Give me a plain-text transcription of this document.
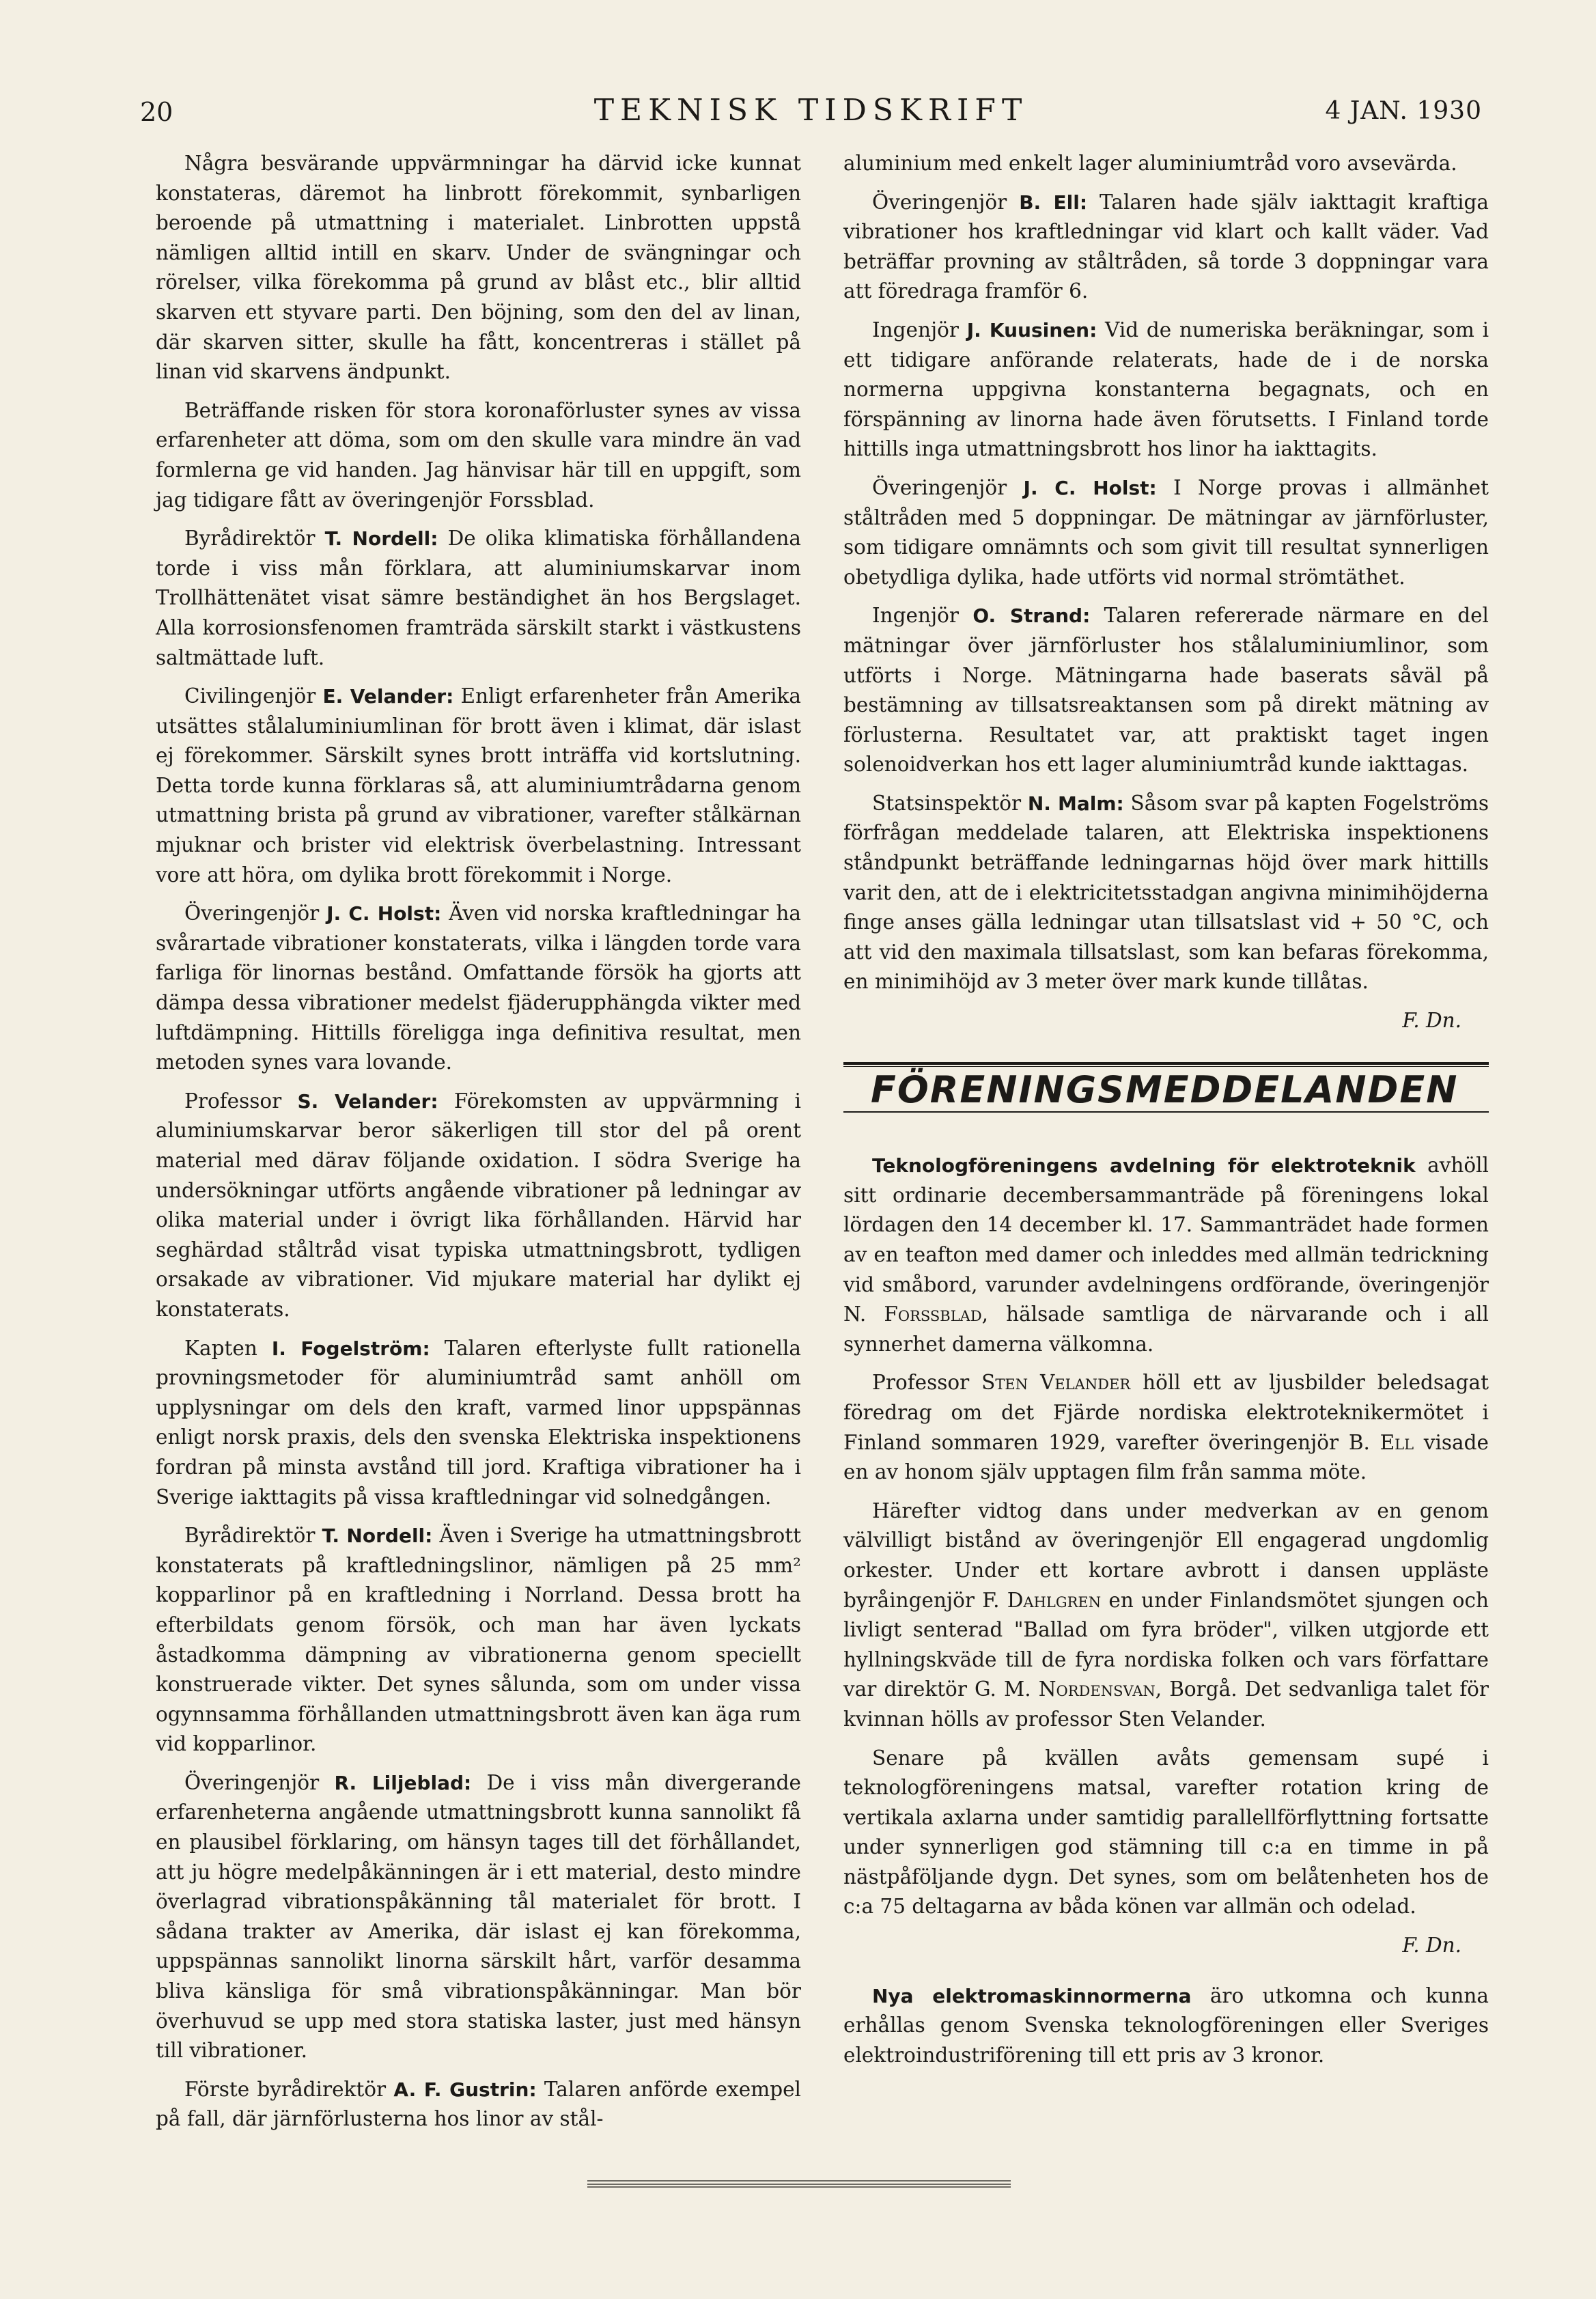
20	TEKNISK TIDSKRIFT	4 JAN. 1930

Några besvärande uppvärmningar ha därvid icke kunnat konstateras, däremot ha linbrott förekommit, synbarligen beroende på utmattning i materialet. Linbrotten uppstå nämligen alltid intill en skarv. Under de svängningar och rörelser, vilka förekomma på grund av blåst etc., blir alltid skarven ett styvare parti. Den böjning, som den del av linan, där skarven sitter, skulle ha fått, koncentreras i stället på linan vid skarvens ändpunkt.

Beträffande risken för stora koronaförluster synes av vissa erfarenheter att döma, som om den skulle vara mindre än vad formlerna ge vid handen. Jag hänvisar här till en uppgift, som jag tidigare fått av överingenjör Forssblad.

Byrådirektör T. Nordell: De olika klimatiska förhållandena torde i viss mån förklara, att aluminiumskarvar inom Trollhättenätet visat sämre beständighet än hos Bergslaget. Alla korrosionsfenomen framträda särskilt starkt i västkustens saltmättade luft.

Civilingenjör E. Velander: Enligt erfarenheter från Amerika utsättes stålaluminiumlinan för brott även i klimat, där islast ej förekommer. Särskilt synes brott inträffa vid kortslutning. Detta torde kunna förklaras så, att aluminiumtrådarna genom utmattning brista på grund av vibrationer, varefter stålkärnan mjuknar och brister vid elektrisk överbelastning. Intressant vore att höra, om dylika brott förekommit i Norge.

Överingenjör J. C. Holst: Även vid norska kraftledningar ha svårartade vibrationer konstaterats, vilka i längden torde vara farliga för linornas bestånd. Omfattande försök ha gjorts att dämpa dessa vibrationer medelst fjäderupphängda vikter med luftdämpning. Hittills föreligga inga definitiva resultat, men metoden synes vara lovande.

Professor S. Velander: Förekomsten av uppvärmning i aluminiumskarvar beror säkerligen till stor del på orent material med därav följande oxidation. I södra Sverige ha undersökningar utförts angående vibrationer på ledningar av olika material under i övrigt lika förhållanden. Härvid har seghärdad ståltråd visat typiska utmattningsbrott, tydligen orsakade av vibrationer. Vid mjukare material har dylikt ej konstaterats.

Kapten I. Fogelström: Talaren efterlyste fullt rationella provningsmetoder för aluminiumtråd samt anhöll om upplysningar om dels den kraft, varmed linor uppspännas enligt norsk praxis, dels den svenska Elektriska inspektionens fordran på minsta avstånd till jord. Kraftiga vibrationer ha i Sverige iakttagits på vissa kraftledningar vid solnedgången.

Byrådirektör T. Nordell: Även i Sverige ha utmattningsbrott konstaterats på kraftledningslinor, nämligen på 25 mm² kopparlinor på en kraftledning i Norrland. Dessa brott ha efterbildats genom försök, och man har även lyckats åstadkomma dämpning av vibrationerna genom speciellt konstruerade vikter. Det synes sålunda, som om under vissa ogynnsamma förhållanden utmattningsbrott även kan äga rum vid kopparlinor.

Överingenjör R. Liljeblad: De i viss mån divergerande erfarenheterna angående utmattningsbrott kunna sannolikt få en plausibel förklaring, om hänsyn tages till det förhållandet, att ju högre medelpåkänningen är i ett material, desto mindre överlagrad vibrationspåkänning tål materialet för brott. I sådana trakter av Amerika, där islast ej kan förekomma, uppspännas sannolikt linorna särskilt hårt, varför desamma bliva känsliga för små vibrationspåkänningar. Man bör överhuvud se upp med stora statiska laster, just med hänsyn till vibrationer.

Förste byrådirektör A. F. Gustrin: Talaren anförde exempel på fall, där järnförlusterna hos linor av stål-

aluminium med enkelt lager aluminiumtråd voro avsevärda.

Överingenjör B. Ell: Talaren hade själv iakttagit kraftiga vibrationer hos kraftledningar vid klart och kallt väder. Vad beträffar provning av ståltråden, så torde 3 doppningar vara att föredraga framför 6.

Ingenjör J. Kuusinen: Vid de numeriska beräkningar, som i ett tidigare anförande relaterats, hade de i de norska normerna uppgivna konstanterna begagnats, och en förspänning av linorna hade även förutsetts. I Finland torde hittills inga utmattningsbrott hos linor ha iakttagits.

Överingenjör J. C. Holst: I Norge provas i allmänhet ståltråden med 5 doppningar. De mätningar av järnförluster, som tidigare omnämnts och som givit till resultat synnerligen obetydliga dylika, hade utförts vid normal strömtäthet.

Ingenjör O. Strand: Talaren refererade närmare en del mätningar över järnförluster hos stålaluminiumlinor, som utförts i Norge. Mätningarna hade baserats såväl på bestämning av tillsatsreaktansen som på direkt mätning av förlusterna. Resultatet var, att praktiskt taget ingen solenoidverkan hos ett lager aluminiumtråd kunde iakttagas.

Statsinspektör N. Malm: Såsom svar på kapten Fogelströms förfrågan meddelade talaren, att Elektriska inspektionens ståndpunkt beträffande ledningarnas höjd över mark hittills varit den, att de i elektricitetsstadgan angivna minimihöjderna finge anses gälla ledningar utan tillsatslast vid + 50 °C, och att vid den maximala tillsatslast, som kan befaras förekomma, en minimihöjd av 3 meter över mark kunde tillåtas.

F. Dn.
FÖRENINGSMEDDELANDEN

Teknologföreningens avdelning för elektroteknik avhöll sitt ordinarie decembersammanträde på föreningens lokal lördagen den 14 december kl. 17. Sammanträdet hade formen av en teafton med damer och inleddes med allmän tedrickning vid småbord, varunder avdelningens ordförande, överingenjör N. Forssblad, hälsade samtliga de närvarande och i all synnerhet damerna välkomna.

Professor Sten Velander höll ett av ljusbilder beledsagat föredrag om det Fjärde nordiska elektroteknikermötet i Finland sommaren 1929, varefter överingenjör B. Ell visade en av honom själv upptagen film från samma möte.

Härefter vidtog dans under medverkan av en genom välvilligt bistånd av överingenjör Ell engagerad ungdomlig orkester. Under ett kortare avbrott i dansen uppläste byråingenjör F. Dahlgren en under Finlandsmötet sjungen och livligt senterad "Ballad om fyra bröder", vilken utgjorde ett hyllningskväde till de fyra nordiska folken och vars författare var direktör G. M. Nordensvan, Borgå. Det sedvanliga talet för kvinnan hölls av professor Sten Velander.

Senare på kvällen avåts gemensam supé i teknologföreningens matsal, varefter rotation kring de vertikala axlarna under samtidig parallellförflyttning fortsatte under synnerligen god stämning till c:a en timme in på nästpåföljande dygn. Det synes, som om belåtenheten hos de c:a 75 deltagarna av båda könen var allmän och odelad.

F. Dn.

Nya elektromaskinnormerna äro utkomna och kunna erhållas genom Svenska teknologföreningen eller Sveriges elektroindustriförening till ett pris av 3 kronor.
